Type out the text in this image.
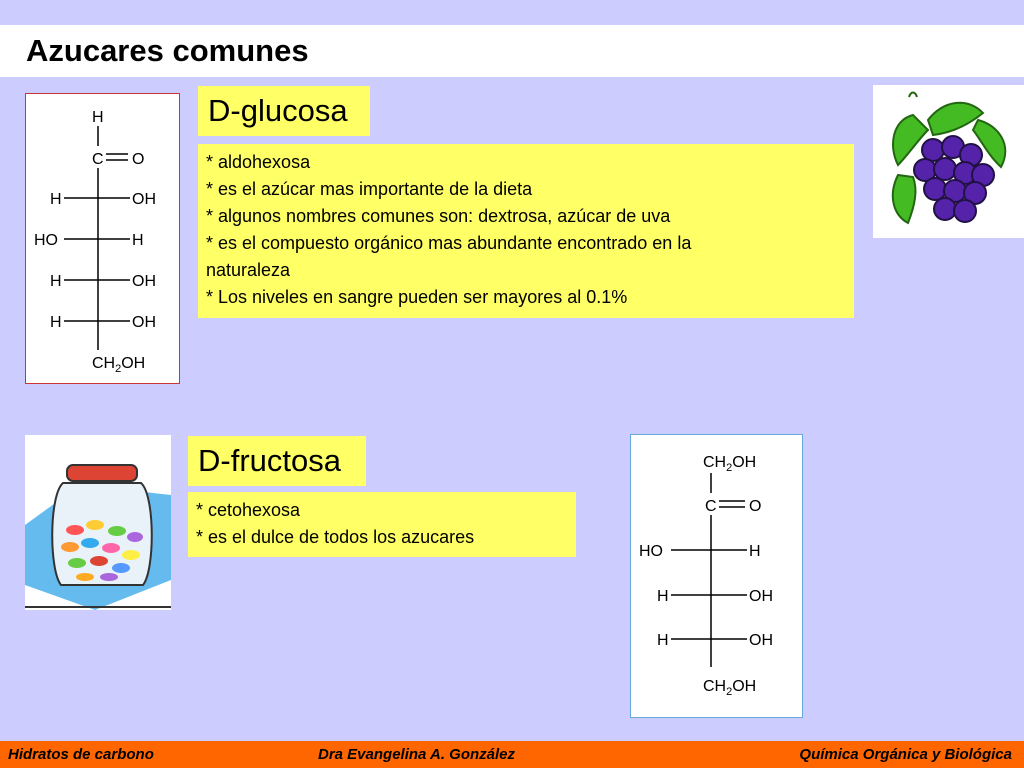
Azucares comunes
H
C O
H	OH
HO	H
H	OH
H	OH
$CH_2OH$
D-glucosa
* aldohexosa
* es el azúcar mas importante de la dieta
* algunos nombres comunes son: dextrosa, azúcar de uva
* es el compuesto orgánico mas abundante encontrado en la
naturaleza
* Los niveles en sangre pueden ser mayores al 0.1%
D-fructosa
* cetohexosa
* es el dulce de todos los azucares
$CH_2OH$
C O
HO	H
H	OH
H	OH
$CH_2OH$
Hidratos de carbono	Dra Evangelina A. González	Química Orgánica y Biológica
